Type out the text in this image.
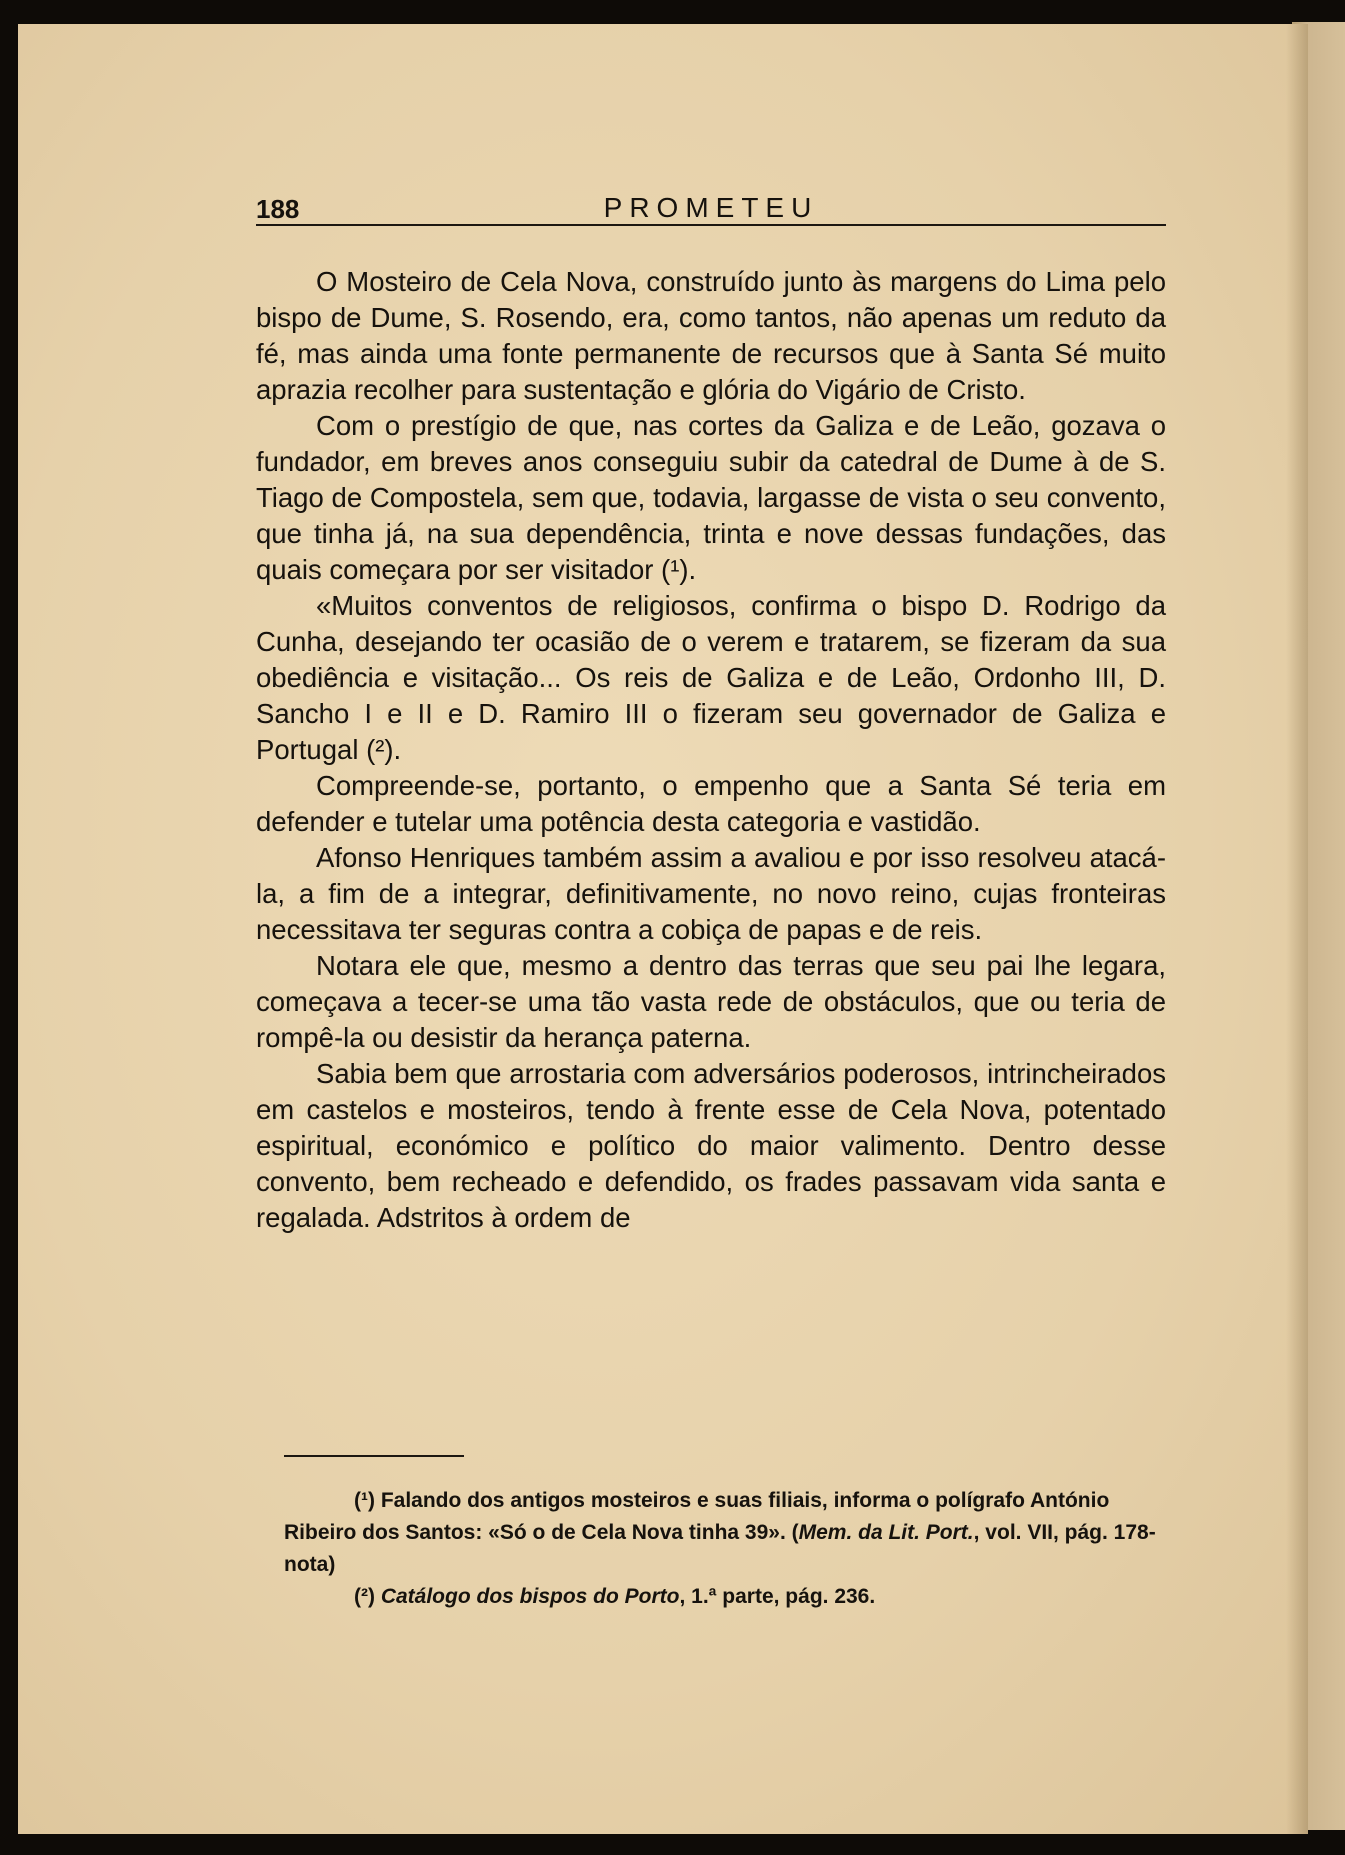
188	PROMETEU

O Mosteiro de Cela Nova, construído junto às margens do Lima pelo bispo de Dume, S. Rosendo, era, como tantos, não apenas um reduto da fé, mas ainda uma fonte permanente de recursos que à Santa Sé muito aprazia recolher para sustentação e glória do Vigário de Cristo.

Com o prestígio de que, nas cortes da Galiza e de Leão, gozava o fundador, em breves anos conseguiu subir da catedral de Dume à de S. Tiago de Compostela, sem que, todavia, largasse de vista o seu convento, que tinha já, na sua dependência, trinta e nove dessas fundações, das quais começara por ser visitador (¹).

«Muitos conventos de religiosos, confirma o bispo D. Rodrigo da Cunha, desejando ter ocasião de o verem e tratarem, se fizeram da sua obediência e visitação... Os reis de Galiza e de Leão, Ordonho III, D. Sancho I e II e D. Ramiro III o fizeram seu governador de Galiza e Portugal (²).

Compreende-se, portanto, o empenho que a Santa Sé teria em defender e tutelar uma potência desta categoria e vastidão.

Afonso Henriques também assim a avaliou e por isso resolveu atacá-la, a fim de a integrar, definitivamente, no novo reino, cujas fronteiras necessitava ter seguras contra a cobiça de papas e de reis.

Notara ele que, mesmo a dentro das terras que seu pai lhe legara, começava a tecer-se uma tão vasta rede de obstáculos, que ou teria de rompê-la ou desistir da herança paterna.

Sabia bem que arrostaria com adversários poderosos, intrincheirados em castelos e mosteiros, tendo à frente esse de Cela Nova, potentado espiritual, económico e político do maior valimento. Dentro desse convento, bem recheado e defendido, os frades passavam vida santa e regalada. Adstritos à ordem de

(¹) Falando dos antigos mosteiros e suas filiais, informa o polígrafo António Ribeiro dos Santos: «Só o de Cela Nova tinha 39». (Mem. da Lit. Port., vol. VII, pág. 178-nota)

(²) Catálogo dos bispos do Porto, 1.ª parte, pág. 236.
